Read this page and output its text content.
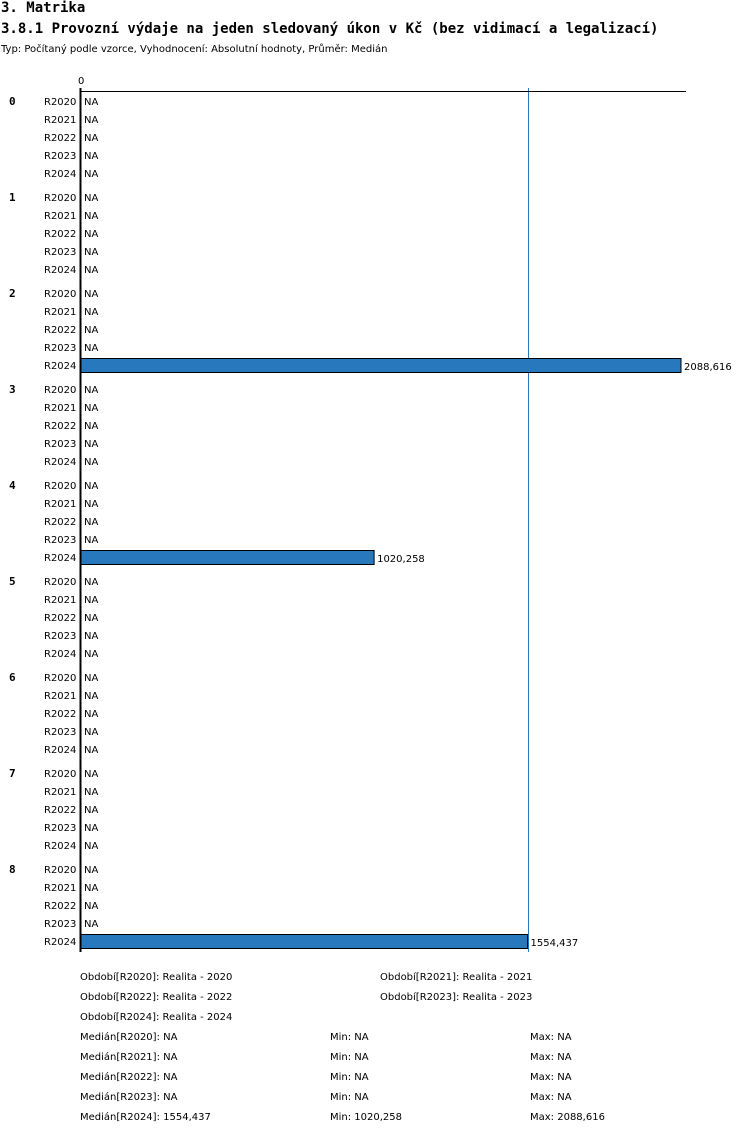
3. Matrika
3.8.1 Provozní výdaje na jeden sledovaný úkon v Kč (bez vidimací a legalizací)
Typ: Počítaný podle vzorce, Vyhodnocení: Absolutní hodnoty, Průměr: Medián
0
0	R2020 NA
R2021 NA
R2022 NA
R2023 NA
R2024 NA
1	R2020 NA
R2021 NA
R2022 NA
R2023 NA
R2024 NA
2	R2020 NA
R2021 NA
R2022 NA
R2023 NA
R2024	2088,616
3	R2020 NA
R2021 NA
R2022 NA
R2023 NA
R2024 NA
4	R2020 NA
R2021 NA
R2022 NA
R2023 NA
R2024	1020,258
5	R2020 NA
R2021 NA
R2022 NA
R2023 NA
R2024 NA
6	R2020 NA
R2021 NA
R2022 NA
R2023 NA
R2024 NA
7	R2020 NA
R2021 NA
R2022 NA
R2023 NA
R2024 NA
8	R2020 NA
R2021 NA
R2022 NA
R2023 NA
R2024	1554,437
Období[R2020]: Realita - 2020	Období[R2021]: Realita - 2021
Období[R2022]: Realita - 2022	Období[R2023]: Realita - 2023
Období[R2024]: Realita - 2024
Medián[R2020]: NA	Min: NA	Max: NA
Medián[R2021]: NA	Min: NA	Max: NA
Medián[R2022]: NA	Min: NA	Max: NA
Medián[R2023]: NA	Min: NA	Max: NA
Medián[R2024]: 1554,437	Min: 1020,258	Max: 2088,616
